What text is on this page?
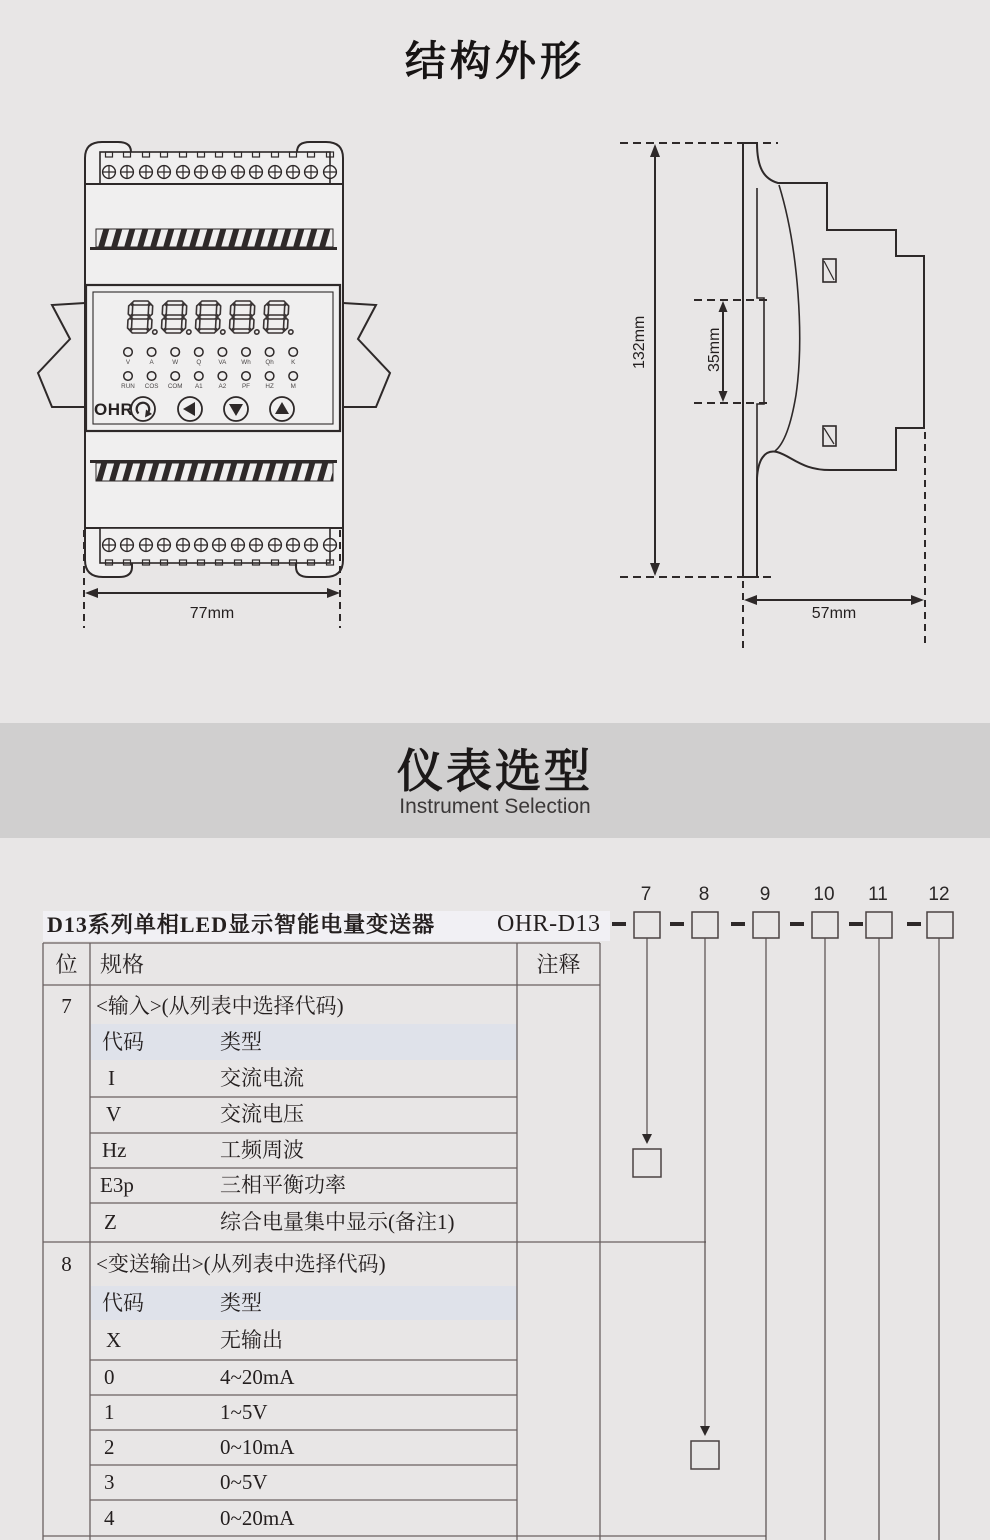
V	A	W	Q	VA Wh Qh	K
RUN COS COM A1	A2 PF HZ	M
OHR
77mm
132mm	35mm
57mm
结构外形
仪表选型
Instrument Selection
D13系列单相LED显示智能电量变送器	OHR-D13
7	8	9	10 11 12
位	规格	注释
7	<输入>(从列表中选择代码)
代码	类型
I	交流电流
V	交流电压
Hz	工频周波
E3p	三相平衡功率
Z	综合电量集中显示(备注1)
8	<变送输出>(从列表中选择代码)
代码	类型
X	无输出
0	4~20mA
1	1~5V
2	0~10mA
3	0~5V
4	0~20mA
